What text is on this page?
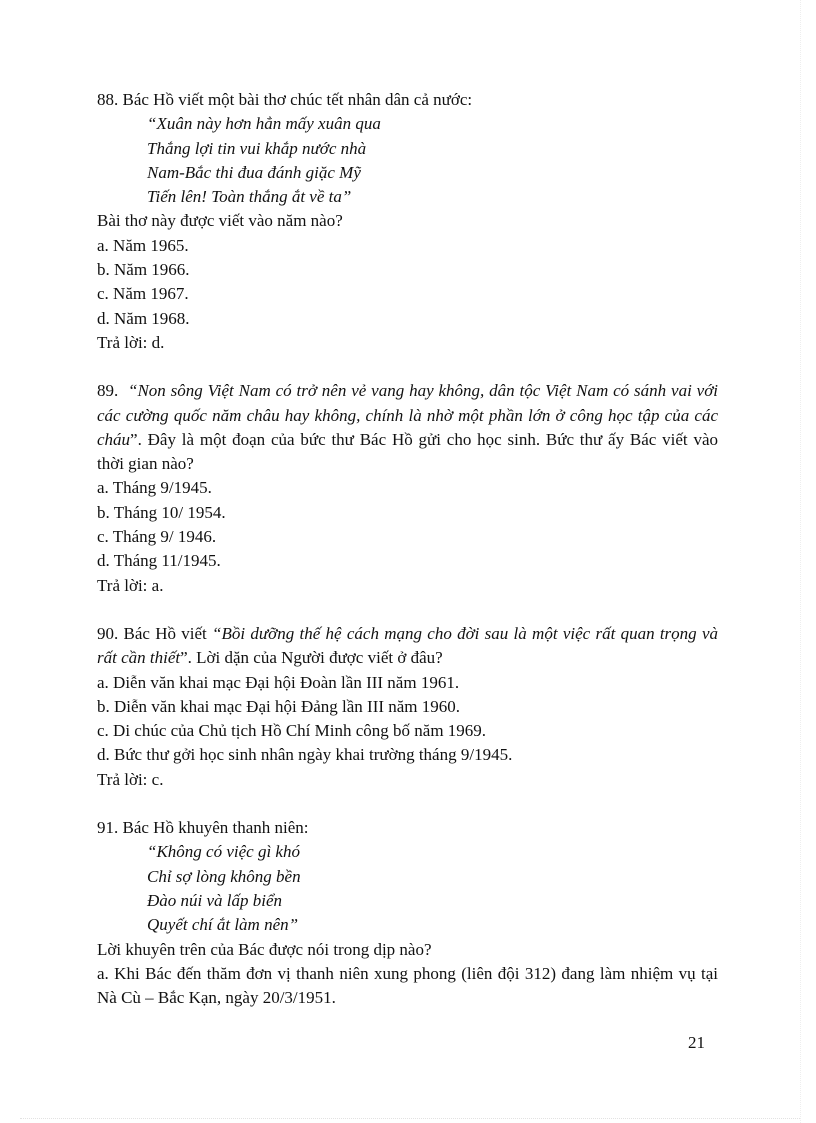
88. Bác Hồ viết một bài thơ chúc tết nhân dân cả nước:
“Xuân này hơn hẳn mấy xuân qua
Thắng lợi tin vui khắp nước nhà
Nam-Bắc thi đua đánh giặc Mỹ
Tiến lên! Toàn thắng ắt về ta”
Bài thơ này được viết vào năm nào?
a. Năm 1965.
b. Năm 1966.
c. Năm 1967.
d. Năm 1968.
Trả lời: d.
89. “Non sông Việt Nam có trở nên vẻ vang hay không, dân tộc Việt Nam có sánh vai với các cường quốc năm châu hay không, chính là nhờ một phần lớn ở công học tập của các cháu”. Đây là một đoạn của bức thư Bác Hồ gửi cho học sinh. Bức thư ấy Bác viết vào thời gian nào?
a. Tháng 9/1945.
b. Tháng 10/ 1954.
c. Tháng 9/ 1946.
d. Tháng 11/1945.
Trả lời: a.
90. Bác Hồ viết “Bồi dưỡng thế hệ cách mạng cho đời sau là một việc rất quan trọng và rất cần thiết”. Lời dặn của Người được viết ở đâu?
a. Diễn văn khai mạc Đại hội Đoàn lần III năm 1961.
b. Diễn văn khai mạc Đại hội Đảng lần III năm 1960.
c. Di chúc của Chủ tịch Hồ Chí Minh công bố năm 1969.
d. Bức thư gởi học sinh nhân ngày khai trường tháng 9/1945.
Trả lời: c.
91. Bác Hồ khuyên thanh niên:
“Không có việc gì khó
Chỉ sợ lòng không bền
Đào núi và lấp biển
Quyết chí ắt làm nên”
Lời khuyên trên của Bác được nói trong dịp nào?
a. Khi Bác đến thăm đơn vị thanh niên xung phong (liên đội 312) đang làm nhiệm vụ tại Nà Cù – Bắc Kạn, ngày 20/3/1951.
21
